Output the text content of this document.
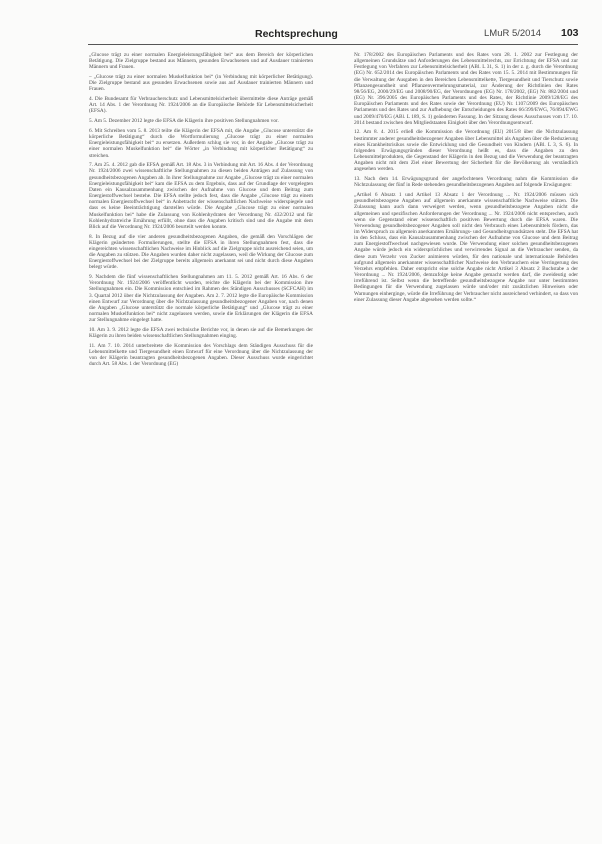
Rechtsprechung	LMuR 5/2014 103

„Glucose trägt zu einer normalen Energieleistungsfähigkeit bei“ aus dem Bereich der körperlichen Betätigung. Die Zielgruppe bestand aus Männern, gesunden Erwachsenen und auf Ausdauer trainierten Männern und Frauen.

– „Glucose trägt zu einer normalen Muskelfunktion bei“ (in Verbindung mit körperlicher Betätigung). Die Zielgruppe bestand aus gesunden Erwachsenen sowie aus auf Ausdauer trainierten Männern und Frauen.

4. Die Bundesamt für Verbraucherschutz und Lebensmittelsicherheit übermittelte diese Anträge gemäß Art. 14 Abs. 1 der Verordnung Nr. 1924/2006 an die Europäische Behörde für Lebensmittelsicherheit (EFSA).

5. Am 5. Dezember 2012 legte die EFSA die Klägerin ihre positiven Stellungnahmen vor.

6. Mit Schreiben vom 5. 8. 2013 teilte die Klägerin der EFSA mit, die Angabe „Glucose unterstützt die körperliche Betätigung“ durch die Wortformulierung „Glucose trägt zu einer normalen Energieleistungsfähigkeit bei“ zu ersetzen. Außerdem schlug sie vor, in der Angabe „Glucose trägt zu einer normalen Muskelfunktion bei“ die Wörter „in Verbindung mit körperlicher Betätigung“ zu streichen.

7. Am 25. 4. 2012 gab die EFSA gemäß Art. 18 Abs. 3 in Verbindung mit Art. 16 Abs. 4 der Verordnung Nr. 1924/2006 zwei wissenschaftliche Stellungnahmen zu diesen beiden Anträgen auf Zulassung von gesundheitsbezogenen Angaben ab. In ihrer Stellungnahme zur Angabe „Glucose trägt zu einer normalen Energieleistungsfähigkeit bei“ kam die EFSA zu dem Ergebnis, dass auf der Grundlage der vorgelegten Daten ein Kausalzusammenhang zwischen der Aufnahme von Glucose und dem Beitrag zum Energiestoffwechsel bestehe. Die EFSA stellte jedoch fest, dass die Angabe „Glucose trägt zu einem normalen Energiestoffwechsel bei“ in Anbetracht der wissenschaftlichen Nachweise widerspiegele und dass es keine Beeinträchtigung darstellen würde. Die Angabe „Glucose trägt zu einer normalen Muskelfunktion bei“ habe die Zulassung von Kohlenhydraten der Verordnung Nr. 432/2012 und für Kohlenhydratreiche Ernährung erfüllt, ohne dass die Angaben kritisch sind und die Angabe mit dem Blick auf die Verordnung Nr. 1924/2006 beurteilt werden konnte.

8. In Bezug auf die vier anderen gesundheitsbezogenen Angaben, die gemäß den Vorschlägen der Klägerin geänderten Formulierungen, stellte die EFSA in ihren Stellungnahmen fest, dass die eingereichten wissenschaftlichen Nachweise im Hinblick auf die Zielgruppe nicht ausreichend seien, um die Angaben zu stützen. Die Angaben wurden daher nicht zugelassen, weil die Wirkung der Glucose zum Energiestoffwechsel bei der Zielgruppe bereits allgemein anerkannt sei und nicht durch diese Angaben belegt würde.

9. Nachdem die fünf wissenschaftlichen Stellungnahmen am 11. 5. 2012 gemäß Art. 16 Abs. 6 der Verordnung Nr. 1924/2006 veröffentlicht wurden, reichte die Klägerin bei der Kommission ihre Stellungnahmen ein. Die Kommission entschied im Rahmen des Ständigen Ausschusses (SCFCAH) im 3. Quartal 2012 über die Nichtzulassung der Angaben. Am 2. 7. 2012 legte die Europäische Kommission einen Entwurf zur Verordnung über die Nichtzulassung gesundheitsbezogener Angaben vor, nach denen die Angaben „Glucose unterstützt die normale körperliche Betätigung“ und „Glucose trägt zu einer normalen Muskelfunktion bei“ nicht zugelassen werden, sowie die Erklärungen der Klägerin die EFSA zur Stellungnahme eingelegt hatte.

10. Am 3. 9. 2012 legte die EFSA zwei technische Berichte vor, in denen sie auf die Bemerkungen der Klägerin zu ihren beiden wissenschaftlichen Stellungnahmen einging.

11. Am 7. 10. 2014 unterbreitete die Kommission des Vorschlags dem Ständigen Ausschuss für die Lebensmittelkette und Tiergesundheit einen Entwurf für eine Verordnung über die Nichtzulassung der von der Klägerin beantragten gesundheitsbezogenen Angaben. Dieser Ausschuss wurde eingerichtet durch Art. 58 Abs. 1 der Verordnung (EG)

Nr. 178/2002 des Europäischen Parlaments und des Rates vom 28. 1. 2002 zur Festlegung der allgemeinen Grundsätze und Anforderungen des Lebensmittelrechts, zur Errichtung der EFSA und zur Festlegung von Verfahren zur Lebensmittelsicherheit (ABl. L 31, S. 1) in der z. g. durch die Verordnung (EG) Nr. 652/2014 des Europäischen Parlaments und des Rates vom 15. 5. 2014 mit Bestimmungen für die Verwaltung der Ausgaben in den Bereichen Lebensmittelkette, Tiergesundheit und Tierschutz sowie Pflanzengesundheit und Pflanzenvermehrungsmaterial, zur Änderung der Richtlinien des Rates 98/56/EG, 2000/29/EG und 2008/90/EG, der Verordnungen (EG) Nr. 178/2002, (EG) Nr. 882/2004 und (EG) Nr. 396/2005 des Europäischen Parlaments und des Rates, der Richtlinie 2009/128/EG des Europäischen Parlaments und des Rates sowie der Verordnung (EU) Nr. 1107/2009 des Europäischen Parlaments und des Rates und zur Aufhebung der Entscheidungen des Rates 66/399/EWG, 76/894/EWG und 2009/470/EG (ABl. L 189, S. 1) geänderten Fassung. In der Sitzung dieses Ausschusses vom 17. 10. 2014 bestand zwischen den Mitgliedstaaten Einigkeit über den Verordnungsentwurf.

12. Am 8. 4. 2015 erließ die Kommission die Verordnung (EU) 2015/8 über die Nichtzulassung bestimmter anderer gesundheitsbezogener Angaben über Lebensmittel als Angaben über die Reduzierung eines Krankheitsrisikos sowie die Entwicklung und die Gesundheit von Kindern (ABl. L 3, S. 6). In folgenden Erwägungsgründen dieser Verordnung heißt es, dass die Angaben zu den Lebensmittelprodukten, die Gegenstand der Klägerin in den Bezug und die Verwendung der beantragten Angaben nicht mit dem Ziel einer Bewertung der Sicherheit für die Bevölkerung als verständlich angesehen werden.

13. Nach dem 14. Erwägungsgrund der angefochtenen Verordnung nahm die Kommission die Nichtzulassung der fünf in Rede stehenden gesundheitsbezogenen Angaben auf folgende Erwägungen:

„Artikel 6 Absatz 1 und Artikel 13 Absatz 1 der Verordnung ... Nr. 1924/2006 müssen sich gesundheitsbezogene Angaben auf allgemein anerkannte wissenschaftliche Nachweise stützen. Die Zulassung kann auch dann verweigert werden, wenn gesundheitsbezogene Angaben nicht die allgemeinen und spezifischen Anforderungen der Verordnung ... Nr. 1924/2006 nicht entsprechen, auch wenn sie Gegenstand einer wissenschaftlich positiven Bewertung durch die EFSA waren. Die Verwendung gesundheitsbezogener Angaben soll nicht den Verbrauch eines Lebensmittels fördern, das im Widerspruch zu allgemein anerkannten Ernährungs- und Gesundheitsgrundsätzen steht. Die EFSA hat in den Schluss, dass ein Kausalzusammenhang zwischen der Aufnahme von Glucose und dem Beitrag zum Energiestoffwechsel nachgewiesen wurde. Die Verwendung einer solchen gesundheitsbezogenen Angabe würde jedoch ein widersprüchliches und verwirrendes Signal an die Verbraucher senden, da diese zum Verzehr von Zucker animieren würden, für den nationale und internationale Behörden aufgrund allgemein anerkannter wissenschaftlicher Nachweise den Verbrauchern eine Verringerung des Verzehrs empfehlen. Daher entspricht eine solche Angabe nicht Artikel 3 Absatz 2 Buchstabe a der Verordnung ... Nr. 1924/2006, demzufolge keine Angabe gemacht werden darf, die zweideutig oder irreführend ist. Selbst wenn die betreffende gesundheitsbezogene Angabe nur unter bestimmten Bedingungen für die Verwendung zugelassen würde und/oder mit zusätzlichen Hinweisen oder Warnungen einherginge, würde die Irreführung der Verbraucher nicht ausreichend verhindert, so dass von einer Zulassung dieser Angabe abgesehen werden sollte.“
